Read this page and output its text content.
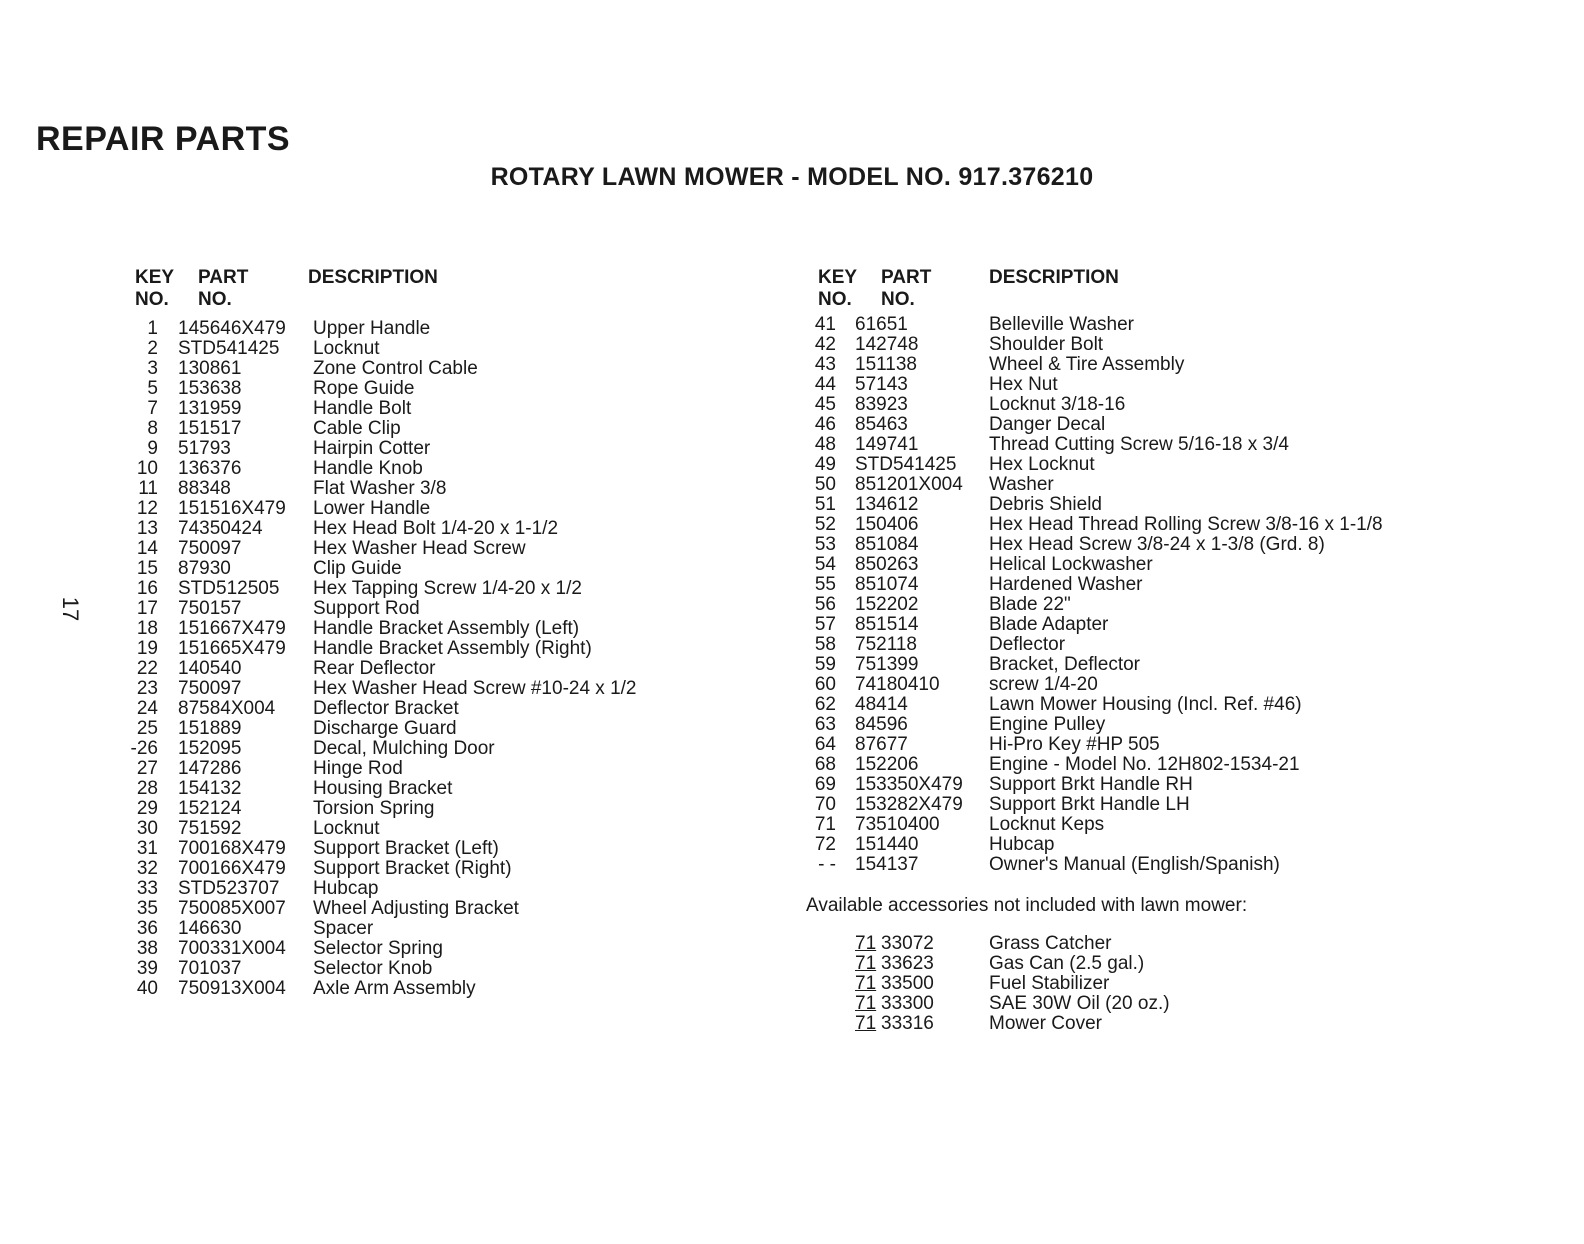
REPAIR PARTS
ROTARY LAWN MOWER - MODEL NO. 917.376210
17
KEY
NO.
PART
NO.
DESCRIPTION
1 145646X479 Upper Handle
2 STD541425 Locknut
3 130861	Zone Control Cable
5 153638	Rope Guide
7 131959	Handle Bolt
8 151517	Cable Clip
9 51793	Hairpin Cotter
10 136376	Handle Knob
11 88348	Flat Washer 3/8
12 151516X479 Lower Handle
13 74350424	Hex Head Bolt 1/4-20 x 1-1/2
14 750097	Hex Washer Head Screw
15 87930	Clip Guide
16 STD512505 Hex Tapping Screw 1/4-20 x 1/2
17 750157	Support Rod
18 151667X479 Handle Bracket Assembly (Left)
19 151665X479 Handle Bracket Assembly (Right)
22 140540	Rear Deflector
23 750097	Hex Washer Head Screw #10-24 x 1/2
24 87584X004 Deflector Bracket
25 151889	Discharge Guard
-26 152095	Decal, Mulching Door
27 147286	Hinge Rod
28 154132	Housing Bracket
29 152124	Torsion Spring
30 751592	Locknut
31 700168X479 Support Bracket (Left)
32 700166X479 Support Bracket (Right)
33 STD523707 Hubcap
35 750085X007 Wheel Adjusting Bracket
36 146630	Spacer
38 700331X004 Selector Spring
39 701037	Selector Knob
40 750913X004 Axle Arm Assembly
KEY
NO.
PART
NO.
DESCRIPTION
41 61651	Belleville Washer
42 142748	Shoulder Bolt
43 151138	Wheel & Tire Assembly
44 57143	Hex Nut
45 83923	Locknut 3/18-16
46 85463	Danger Decal
48 149741	Thread Cutting Screw 5/16-18 x 3/4
49 STD541425 Hex Locknut
50 851201X004 Washer
51 134612	Debris Shield
52 150406	Hex Head Thread Rolling Screw 3/8-16 x 1-1/8
53 851084	Hex Head Screw 3/8-24 x 1-3/8 (Grd. 8)
54 850263	Helical Lockwasher
55 851074	Hardened Washer
56 152202	Blade 22"
57 851514	Blade Adapter
58 752118	Deflector
59 751399	Bracket, Deflector
60 74180410	screw 1/4-20
62 48414	Lawn Mower Housing (Incl. Ref. #46)
63 84596	Engine Pulley
64 87677	Hi-Pro Key #HP 505
68 152206	Engine - Model No. 12H802-1534-21
69 153350X479 Support Brkt Handle RH
70 153282X479 Support Brkt Handle LH
71 73510400	Locknut Keps
72 151440	Hubcap
- - 154137	Owner's Manual (English/Spanish)
Available accessories not included with lawn mower:
71 33072	Grass Catcher
71 33623	Gas Can (2.5 gal.)
71 33500	Fuel Stabilizer
71 33300	SAE 30W Oil (20 oz.)
71 33316	Mower Cover
